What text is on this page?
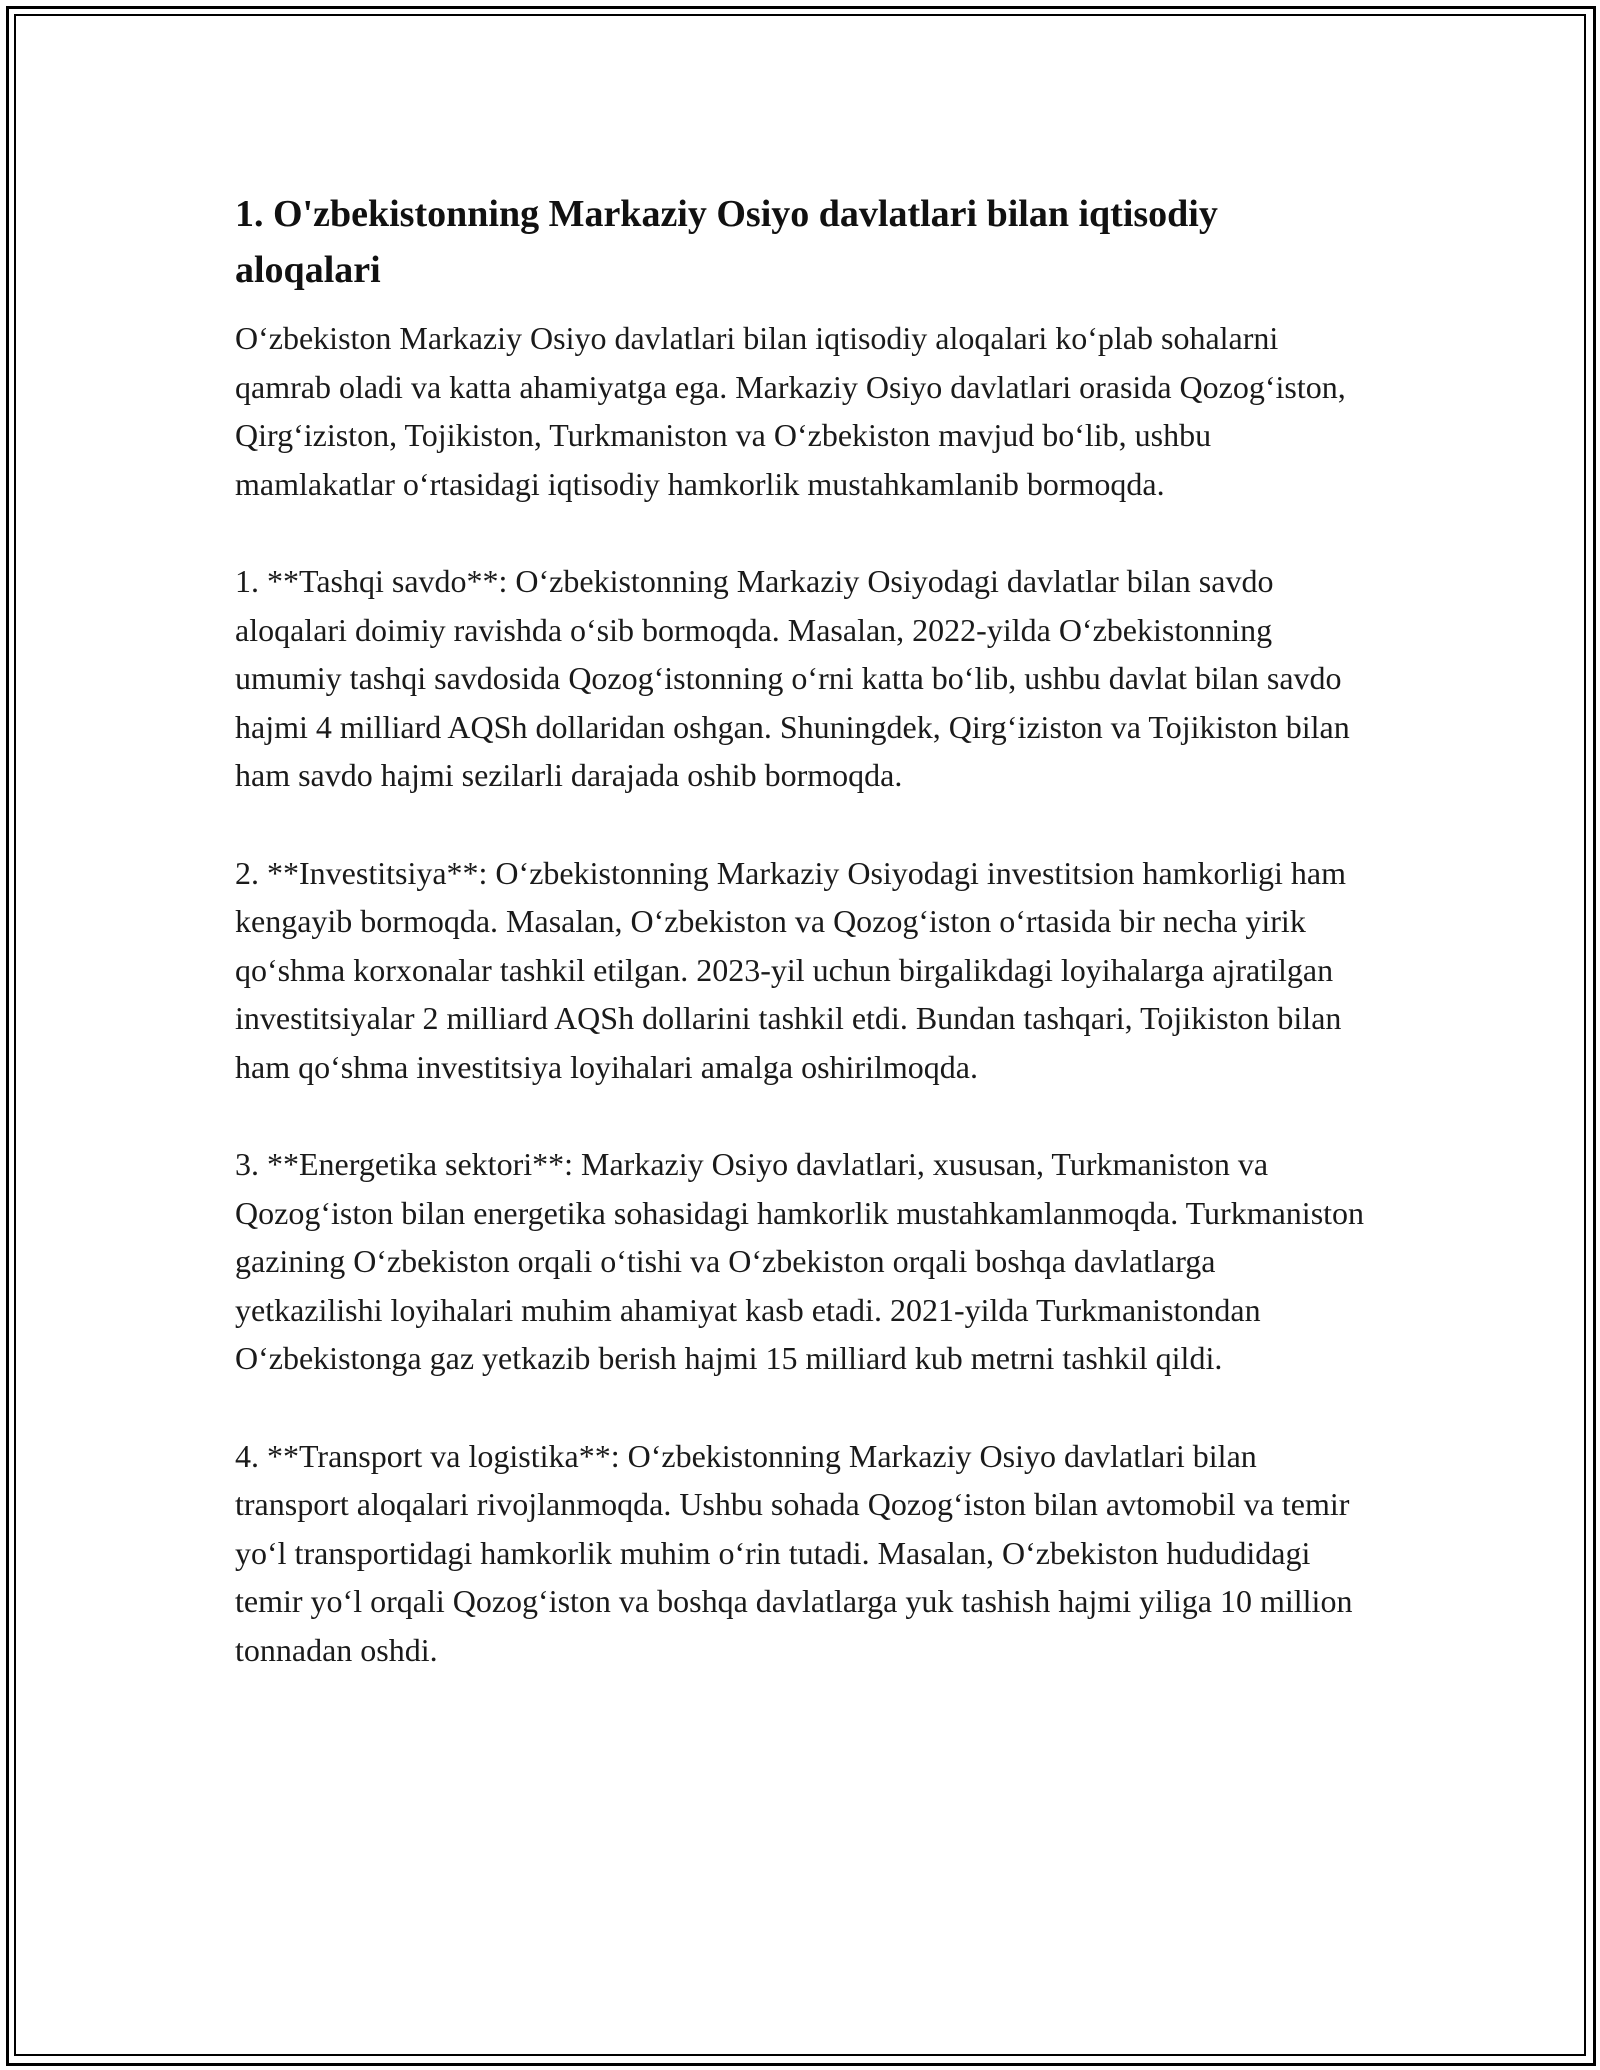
1. O'zbekistonning Markaziy Osiyo davlatlari bilan iqtisodiy aloqalari

O‘zbekiston Markaziy Osiyo davlatlari bilan iqtisodiy aloqalari ko‘plab sohalarni qamrab oladi va katta ahamiyatga ega. Markaziy Osiyo davlatlari orasida Qozog‘iston, Qirg‘iziston, Tojikiston, Turkmaniston va O‘zbekiston mavjud bo‘lib, ushbu mamlakatlar o‘rtasidagi iqtisodiy hamkorlik mustahkamlanib bormoqda.

1. **Tashqi savdo**: O‘zbekistonning Markaziy Osiyodagi davlatlar bilan savdo aloqalari doimiy ravishda o‘sib bormoqda. Masalan, 2022-yilda O‘zbekistonning umumiy tashqi savdosida Qozog‘istonning o‘rni katta bo‘lib, ushbu davlat bilan savdo hajmi 4 milliard AQSh dollaridan oshgan. Shuningdek, Qirg‘iziston va Tojikiston bilan ham savdo hajmi sezilarli darajada oshib bormoqda.

2. **Investitsiya**: O‘zbekistonning Markaziy Osiyodagi investitsion hamkorligi ham kengayib bormoqda. Masalan, O‘zbekiston va Qozog‘iston o‘rtasida bir necha yirik qo‘shma korxonalar tashkil etilgan. 2023-yil uchun birgalikdagi loyihalarga ajratilgan investitsiyalar 2 milliard AQSh dollarini tashkil etdi. Bundan tashqari, Tojikiston bilan ham qo‘shma investitsiya loyihalari amalga oshirilmoqda.

3. **Energetika sektori**: Markaziy Osiyo davlatlari, xususan, Turkmaniston va Qozog‘iston bilan energetika sohasidagi hamkorlik mustahkamlanmoqda. Turkmaniston gazining O‘zbekiston orqali o‘tishi va O‘zbekiston orqali boshqa davlatlarga yetkazilishi loyihalari muhim ahamiyat kasb etadi. 2021-yilda Turkmanistondan O‘zbekistonga gaz yetkazib berish hajmi 15 milliard kub metrni tashkil qildi.

4. **Transport va logistika**: O‘zbekistonning Markaziy Osiyo davlatlari bilan transport aloqalari rivojlanmoqda. Ushbu sohada Qozog‘iston bilan avtomobil va temir yo‘l transportidagi hamkorlik muhim o‘rin tutadi. Masalan, O‘zbekiston hududidagi temir yo‘l orqali Qozog‘iston va boshqa davlatlarga yuk tashish hajmi yiliga 10 million tonnadan oshdi.
